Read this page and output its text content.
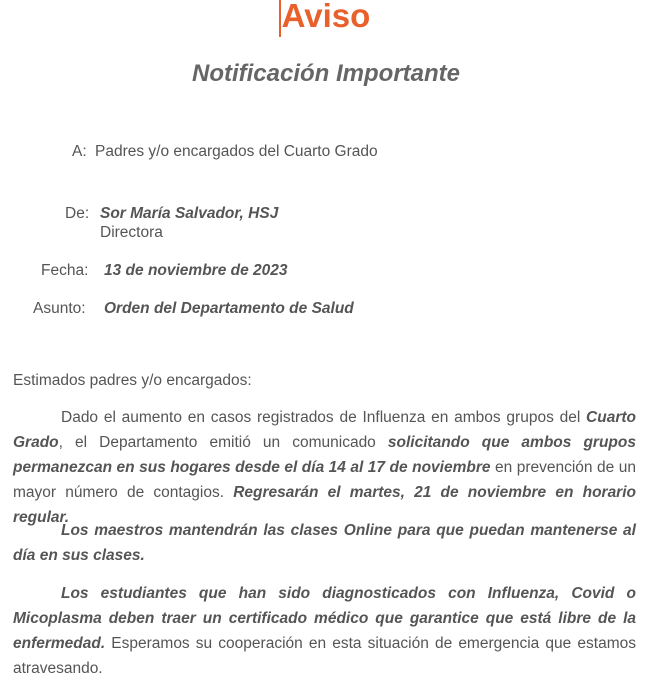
Aviso
Notificación Importante
A: Padres y/o encargados del Cuarto Grado
De: Sor María Salvador, HSJ
Directora
Fecha: 13 de noviembre de 2023
Asunto: Orden del Departamento de Salud
Estimados padres y/o encargados:
Dado el aumento en casos registrados de Influenza en ambos grupos del Cuarto Grado, el Departamento emitió un comunicado solicitando que ambos grupos permanezcan en sus hogares desde el día 14 al 17 de noviembre en prevención de un mayor número de contagios. Regresarán el martes, 21 de noviembre en horario regular.
Los maestros mantendrán las clases Online para que puedan mantenerse al día en sus clases.
Los estudiantes que han sido diagnosticados con Influenza, Covid o Micoplasma deben traer un certificado médico que garantice que está libre de la enfermedad. Esperamos su cooperación en esta situación de emergencia que estamos atravesando.
